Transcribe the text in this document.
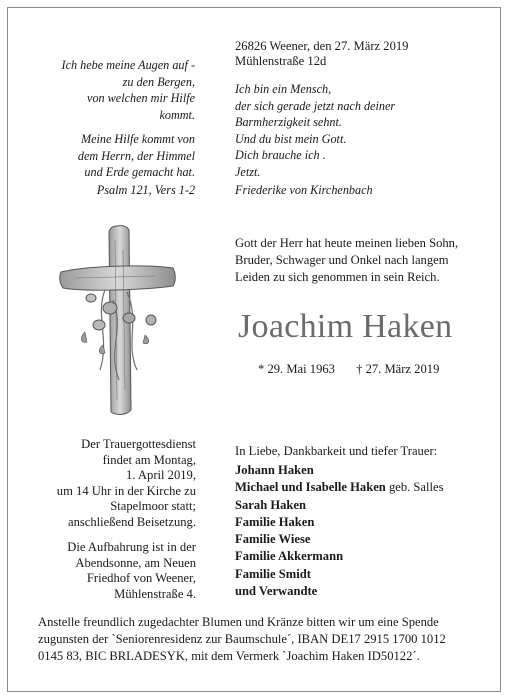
Ich hebe meine Augen auf -
zu den Bergen,
von welchen mir Hilfe
kommt.

Meine Hilfe kommt von
dem Herrn, der Himmel
und Erde gemacht hat.

Psalm 121, Vers 1-2
26826 Weener, den 27. März 2019
Mühlenstraße 12d
Ich bin ein Mensch,
der sich gerade jetzt nach deiner
Barmherzigkeit sehnt.
Und du bist mein Gott.
Dich brauche ich .
Jetzt.
Friederike von Kirchenbach
Gott der Herr hat heute meinen lieben Sohn,
Bruder, Schwager und Onkel nach langem
Leiden zu sich genommen in sein Reich.
Joachim Haken
* 29. Mai 1963 † 27. März 2019

Der Trauergottesdienst
findet am Montag,
1. April 2019,
um 14 Uhr in der Kirche zu
Stapelmoor statt;
anschließend Beisetzung.

Die Aufbahrung ist in der
Abendsonne, am Neuen
Friedhof von Weener,
Mühlenstraße 4.

In Liebe, Dankbarkeit und tiefer Trauer:
Johann Haken
Michael und Isabelle Haken geb. Salles
Sarah Haken
Familie Haken
Familie Wiese
Familie Akkermann
Familie Smidt
und Verwandte
Anstelle freundlich zugedachter Blumen und Kränze bitten wir um eine Spende
zugunsten der `Seniorenresidenz zur Baumschule´, IBAN DE17 2915 1700 1012
0145 83, BIC BRLADESYK, mit dem Vermerk `Joachim Haken ID50122´.
